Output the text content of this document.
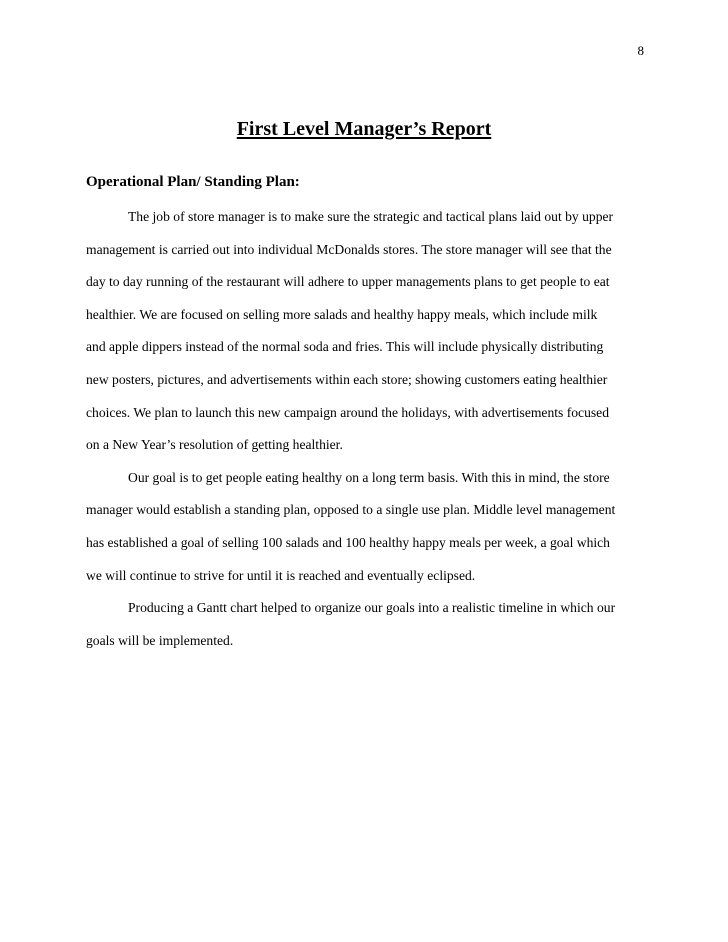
8
First Level Manager’s Report
Operational Plan/ Standing Plan:

The job of store manager is to make sure the strategic and tactical plans laid out by upper
management is carried out into individual McDonalds stores. The store manager will see that the
day to day running of the restaurant will adhere to upper managements plans to get people to eat
healthier. We are focused on selling more salads and healthy happy meals, which include milk
and apple dippers instead of the normal soda and fries. This will include physically distributing
new posters, pictures, and advertisements within each store; showing customers eating healthier
choices. We plan to launch this new campaign around the holidays, with advertisements focused
on a New Year’s resolution of getting healthier.

Our goal is to get people eating healthy on a long term basis. With this in mind, the store
manager would establish a standing plan, opposed to a single use plan. Middle level management
has established a goal of selling 100 salads and 100 healthy happy meals per week, a goal which
we will continue to strive for until it is reached and eventually eclipsed.

Producing a Gantt chart helped to organize our goals into a realistic timeline in which our
goals will be implemented.
